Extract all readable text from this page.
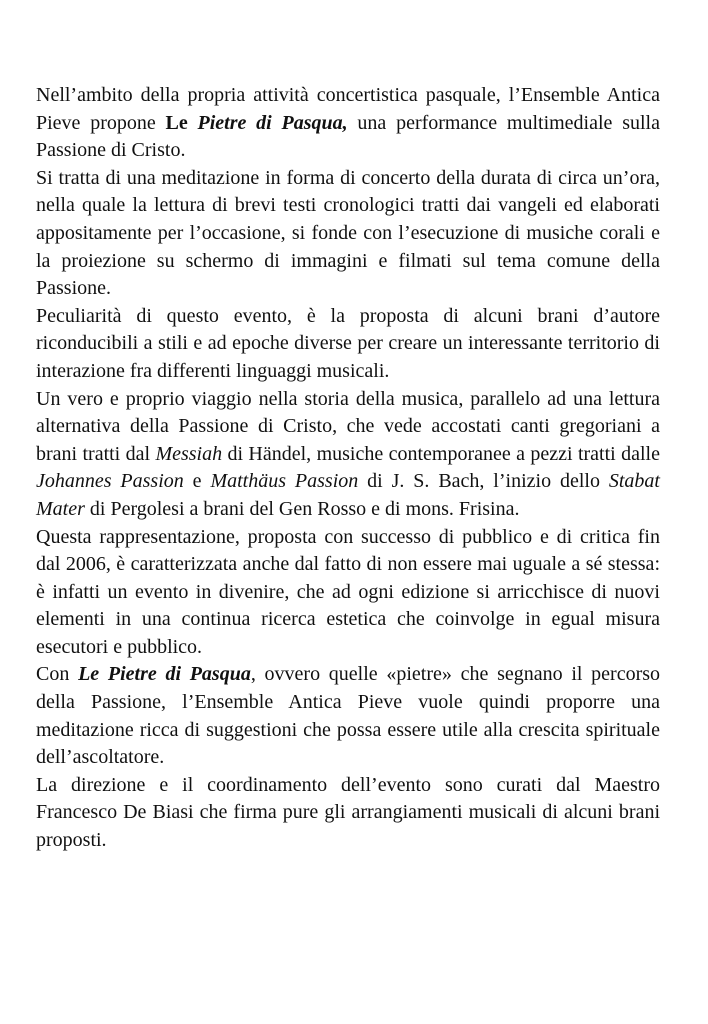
Nell’ambito della propria attività concertistica pasquale, l’Ensemble Antica Pieve propone Le Pietre di Pasqua, una performance multimediale sulla Passione di Cristo.

Si tratta di una meditazione in forma di concerto della durata di circa un’ora, nella quale la lettura di brevi testi cronologici tratti dai vangeli ed elaborati appositamente per l’occasione, si fonde con l’esecuzione di musiche corali e la proiezione su schermo di immagini e filmati sul tema comune della Passione.

Peculiarità di questo evento, è la proposta di alcuni brani d’autore riconducibili a stili e ad epoche diverse per creare un interessante territorio di interazione fra differenti linguaggi musicali.

Un vero e proprio viaggio nella storia della musica, parallelo ad una lettura alternativa della Passione di Cristo, che vede accostati canti gregoriani a brani tratti dal Messiah di Händel, musiche contemporanee a pezzi tratti dalle Johannes Passion e Matthäus Passion di J. S. Bach, l’inizio dello Stabat Mater di Pergolesi a brani del Gen Rosso e di mons. Frisina.

Questa rappresentazione, proposta con successo di pubblico e di critica fin dal 2006, è caratterizzata anche dal fatto di non essere mai uguale a sé stessa: è infatti un evento in divenire, che ad ogni edizione si arricchisce di nuovi elementi in una continua ricerca estetica che coinvolge in egual misura esecutori e pubblico.

Con Le Pietre di Pasqua, ovvero quelle «pietre» che segnano il percorso della Passione, l’Ensemble Antica Pieve vuole quindi proporre una meditazione ricca di suggestioni che possa essere utile alla crescita spirituale dell’ascoltatore.

La direzione e il coordinamento dell’evento sono curati dal Maestro Francesco De Biasi che firma pure gli arrangiamenti musicali di alcuni brani proposti.
